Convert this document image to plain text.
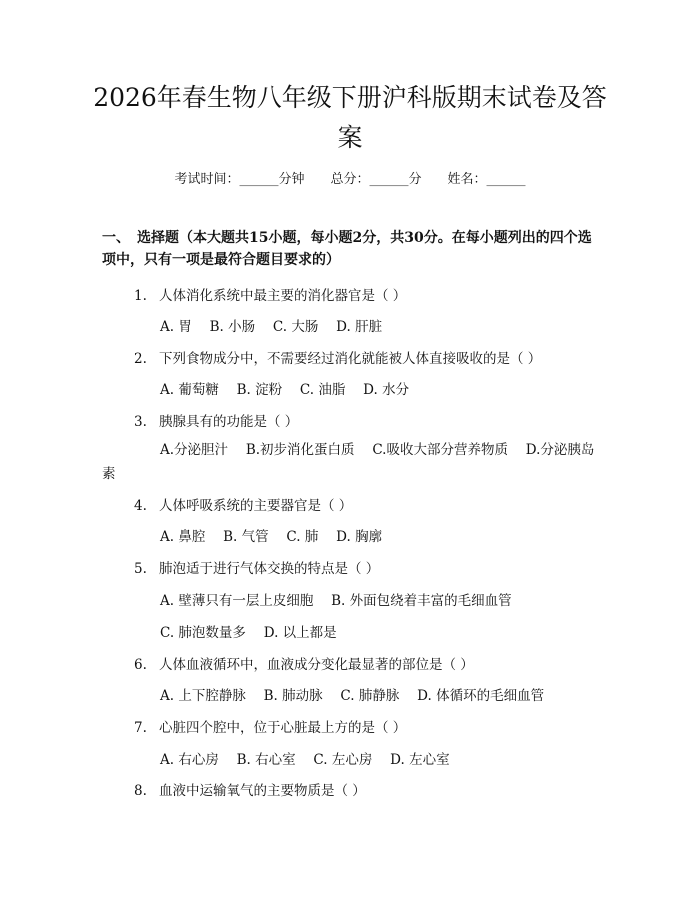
2026年春生物八年级下册沪科版期末试卷及答案
考试时间：______分钟　　总分：______分　　姓名：______
一、　选择题（本大题共15小题，每小题2分，共30分。在每小题列出的四个选项中，只有一项是最符合题目要求的）
1. 人体消化系统中最主要的消化器官是（ ）
A. 胃　 B. 小肠　 C. 大肠　 D. 肝脏
2. 下列食物成分中，不需要经过消化就能被人体直接吸收的是（ ）
A. 葡萄糖　 B. 淀粉　 C. 油脂　 D. 水分
3. 胰腺具有的功能是（ ）
A.分泌胆汁　 B.初步消化蛋白质　 C.吸收大部分营养物质　 D.分泌胰岛素
4. 人体呼吸系统的主要器官是（ ）
A. 鼻腔　 B. 气管　 C. 肺　 D. 胸廓
5. 肺泡适于进行气体交换的特点是（ ）
A. 壁薄只有一层上皮细胞　 B. 外面包绕着丰富的毛细血管
C. 肺泡数量多　 D. 以上都是
6. 人体血液循环中，血液成分变化最显著的部位是（ ）
A. 上下腔静脉　 B. 肺动脉　 C. 肺静脉　 D. 体循环的毛细血管
7. 心脏四个腔中，位于心脏最上方的是（ ）
A. 右心房　 B. 右心室　 C. 左心房　 D. 左心室
8. 血液中运输氧气的主要物质是（ ）
